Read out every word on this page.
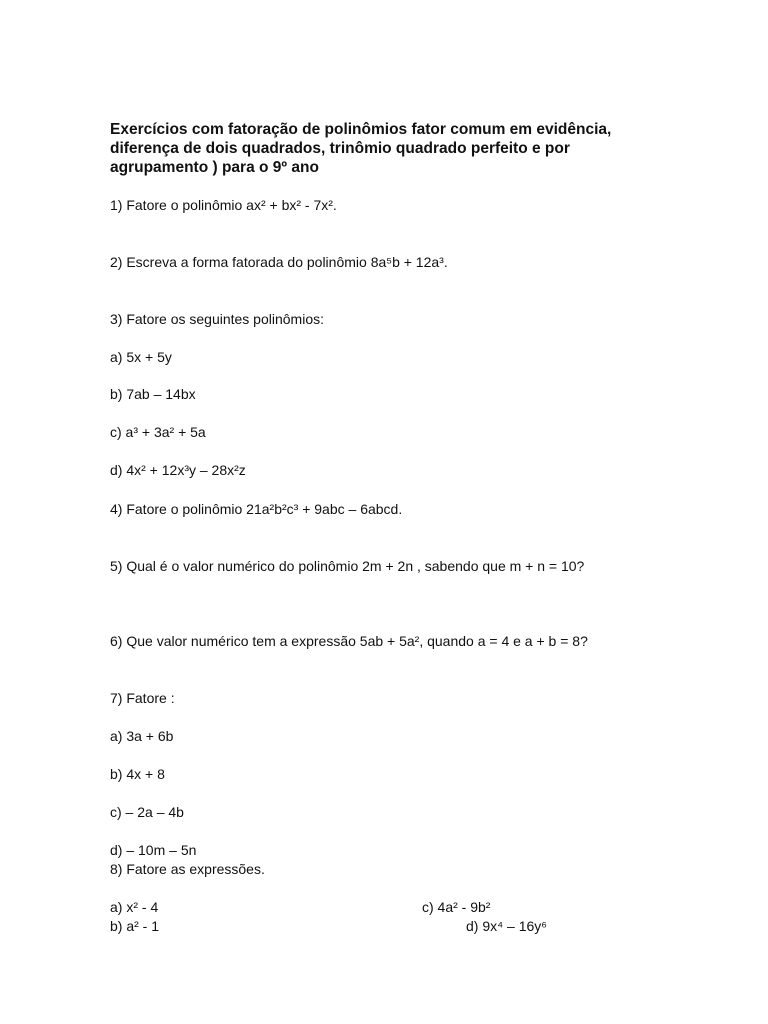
Exercícios com fatoração de polinômios fator comum em evidência, diferença de dois quadrados, trinômio quadrado perfeito e por agrupamento ) para o 9º ano
1) Fatore o polinômio ax² + bx² - 7x².
2) Escreva a forma fatorada do polinômio 8a⁵b + 12a³.
3) Fatore os seguintes polinômios:
a) 5x + 5y
b) 7ab – 14bx
c) a³ + 3a² + 5a
d) 4x² + 12x³y – 28x²z
4) Fatore o polinômio 21a²b²c³ + 9abc – 6abcd.
5) Qual é o valor numérico do polinômio 2m + 2n , sabendo que m + n = 10?
6) Que valor numérico tem a expressão 5ab + 5a², quando a = 4 e a + b = 8?
7) Fatore :
a) 3a + 6b
b) 4x + 8
c) – 2a – 4b
d) – 10m – 5n
8) Fatore as expressões.
a) x² - 4
b) a² - 1
c) 4a² - 9b²
d) 9x⁴ – 16y⁶
